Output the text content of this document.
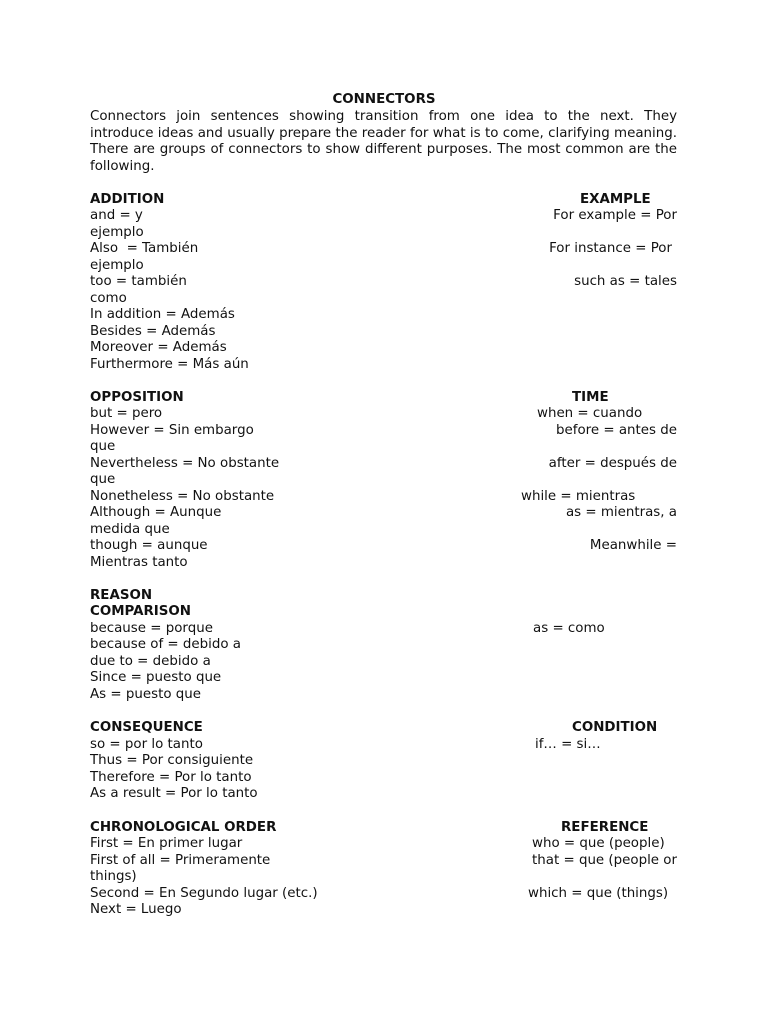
CONNECTORS
Connectors join sentences showing transition from one idea to the next. They introduce ideas and usually prepare the reader for what is to come, clarifying meaning. There are groups of connectors to show different purposes. The most common are the following.
ADDITION	EXAMPLE
and = y	For example = Por
ejemplo
Also  = También	For instance = Por
ejemplo
too = también	such as = tales
como
In addition = Además
Besides = Además
Moreover = Además
Furthermore = Más aún
OPPOSITION	TIME
but = pero	when = cuando
However = Sin embargo	before = antes de
que
Nevertheless = No obstante	after = después de
que
Nonetheless = No obstante	while = mientras
Although = Aunque	as = mientras, a
medida que
though = aunque	Meanwhile =
Mientras tanto
REASON
COMPARISON
because = porque	as = como
because of = debido a
due to = debido a
Since = puesto que
As = puesto que
CONSEQUENCE	CONDITION
so = por lo tanto	if… = si…
Thus = Por consiguiente
Therefore = Por lo tanto
As a result = Por lo tanto
CHRONOLOGICAL ORDER	REFERENCE
First = En primer lugar	who = que (people)
First of all = Primeramente	that = que (people or
things)
Second = En Segundo lugar (etc.)	which = que (things)
Next = Luego
